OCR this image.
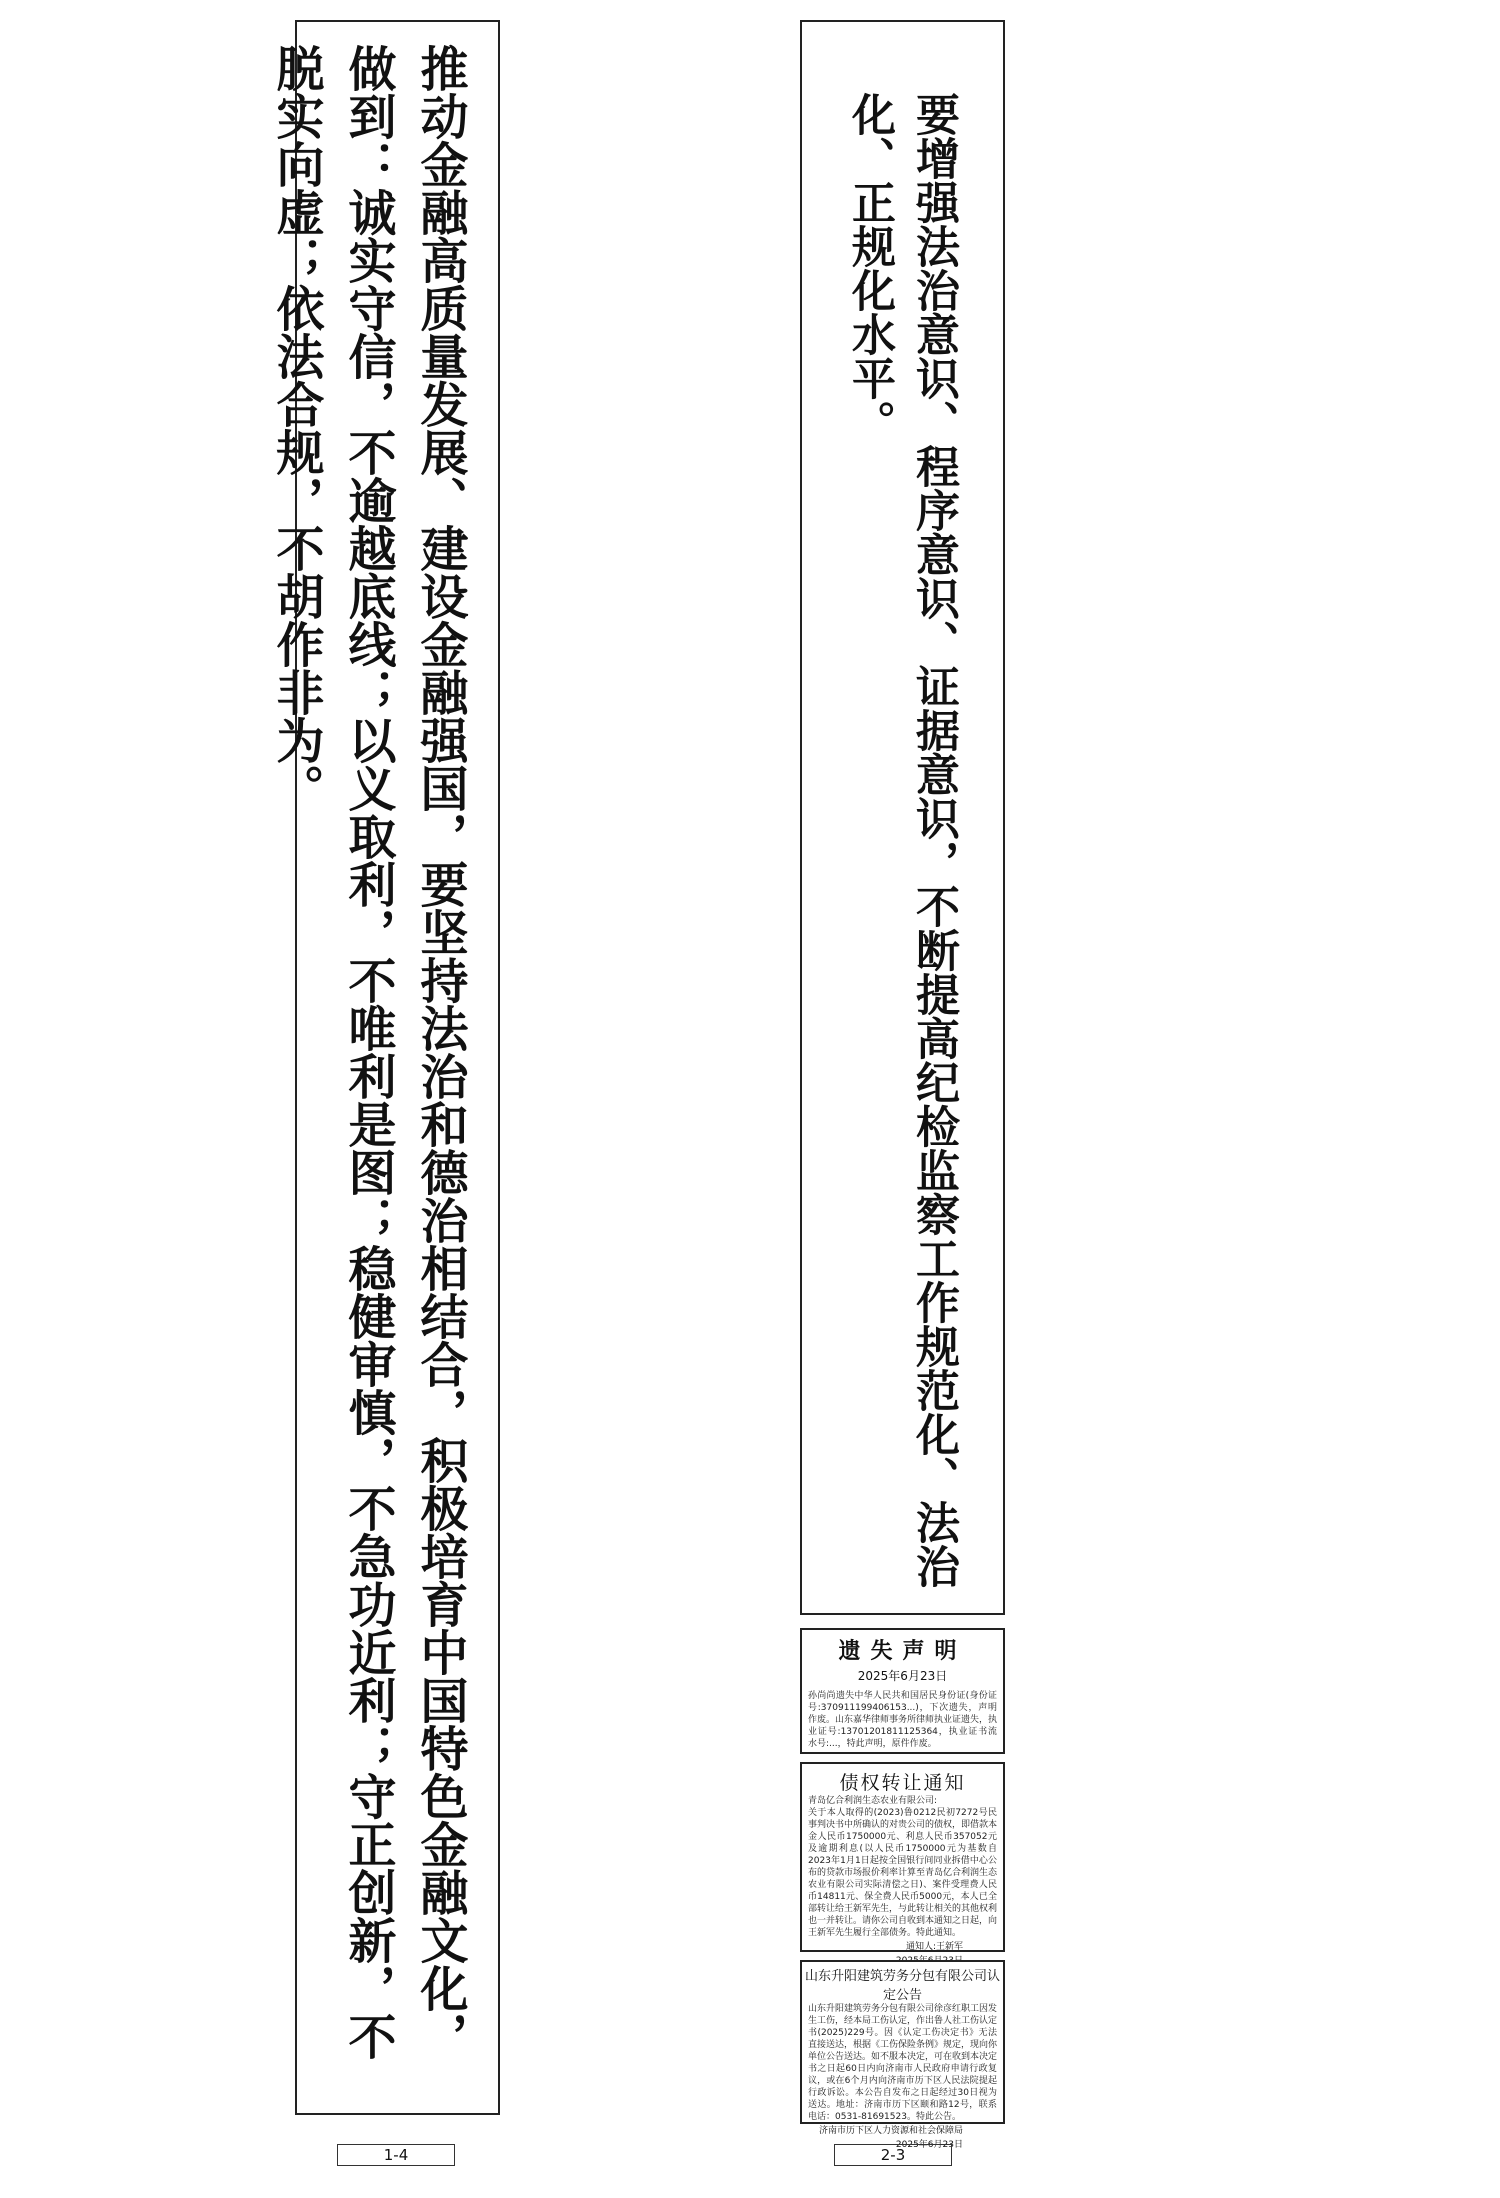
推动金融高质量发展、建设金融强国，要坚持法治和德治相结合，积极培育中国特色金融文化，做到：诚实守信，不逾越底线；以义取利，不唯利是图；稳健审慎，不急功近利；守正创新，不脱实向虚；依法合规，不胡作非为。	要增强法治意识、程序意识、证据意识，不断提高纪检监察工作规范化、法治化、正规化水平。
遗失声明
2025年6月23日
孙尚尚遗失中华人民共和国居民身份证(身份证号:370911199406153...)，下次遗失，声明作废。山东嘉华律师事务所律师执业证遗失，执业证号:13701201811125364，执业证书流水号:...，特此声明，原件作废。
债权转让通知
青岛亿合利润生态农业有限公司:
关于本人取得的(2023)鲁0212民初7272号民事判决书中所确认的对贵公司的债权，即借款本金人民币1750000元、利息人民币357052元及逾期利息(以人民币1750000元为基数自2023年1月1日起按全国银行间同业拆借中心公布的贷款市场报价利率计算至青岛亿合利润生态农业有限公司实际清偿之日)、案件受理费人民币14811元、保全费人民币5000元，本人已全部转让给王新军先生，与此转让相关的其他权利也一并转让。请你公司自收到本通知之日起，向王新军先生履行全部债务。特此通知。
通知人:王新军
山东升阳建筑劳务分包有限公司认定公告
山东升阳建筑劳务分包有限公司徐彦红职工因发生工伤，经本局工伤认定，作出鲁人社工伤认定书(2025)229号。因《认定工伤决定书》无法直接送达，根据《工伤保险条例》规定，现向你单位公告送达。如不服本决定，可在收到本决定书之日起60日内向济南市人民政府申请行政复议，或在6个月内向济南市历下区人民法院提起行政诉讼。本公告自发布之日起经过30日视为送达。地址：济南市历下区颐和路12号，联系电话：0531-81691523。特此公告。
济南市历下区人力资源和社会保障局
2025年6月23日
1-4	2-3
